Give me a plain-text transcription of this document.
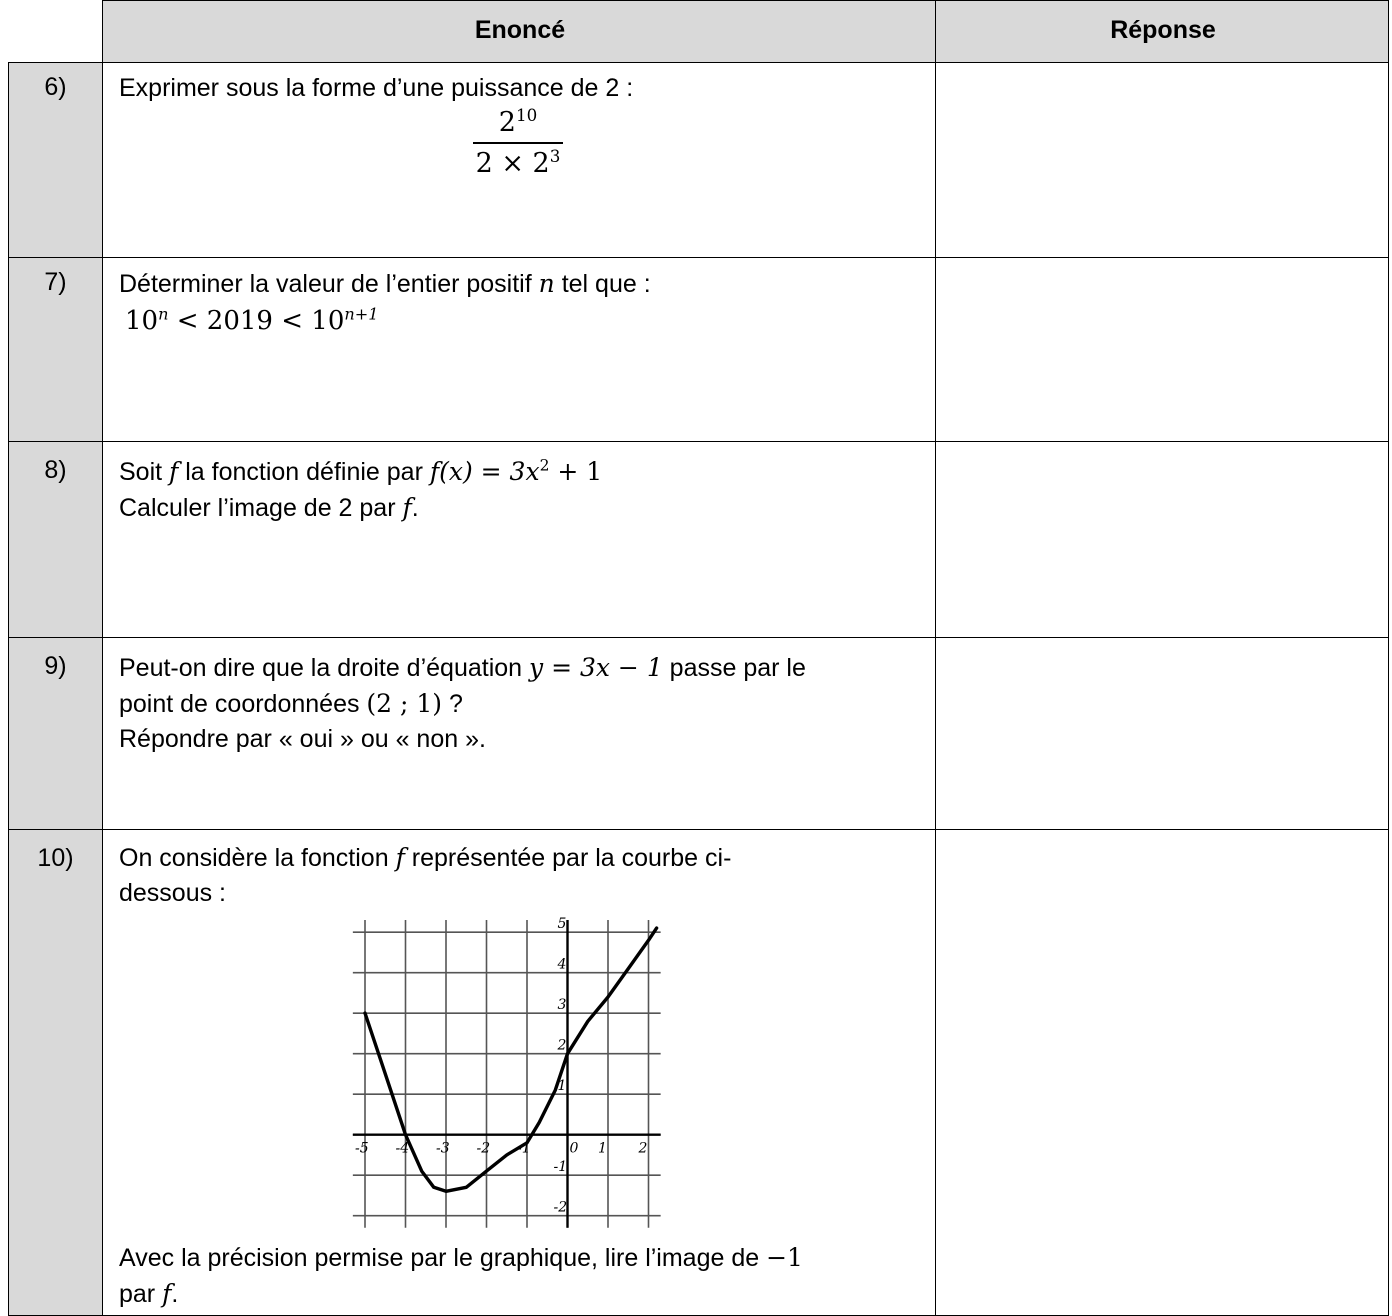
Enoncé	Réponse
6)	Exprimer sous la forme d’une puissance de 2 :
$2^{10}$
$2 \times 2^3$
7)	Déterminer la valeur de l’entier positif n tel que :
$10^n < 2019 < 10^{n+1}$
8)	Soit f la fonction définie par $f(x) = 3x^2 + 1$
Calculer l’image de 2 par f.
9)	Peut-on dire que la droite d’équation y = 3x − 1 passe par le
point de coordonnées (2 ; 1) ?
Répondre par « oui » ou « non ».
10)	On considère la fonction f représentée par la courbe ci-
dessous :
-5 -4 -3 -2 -1	0 1 2
5
4
3
2
1
-1
-2
Avec la précision permise par le graphique, lire l’image de −1
par f.
